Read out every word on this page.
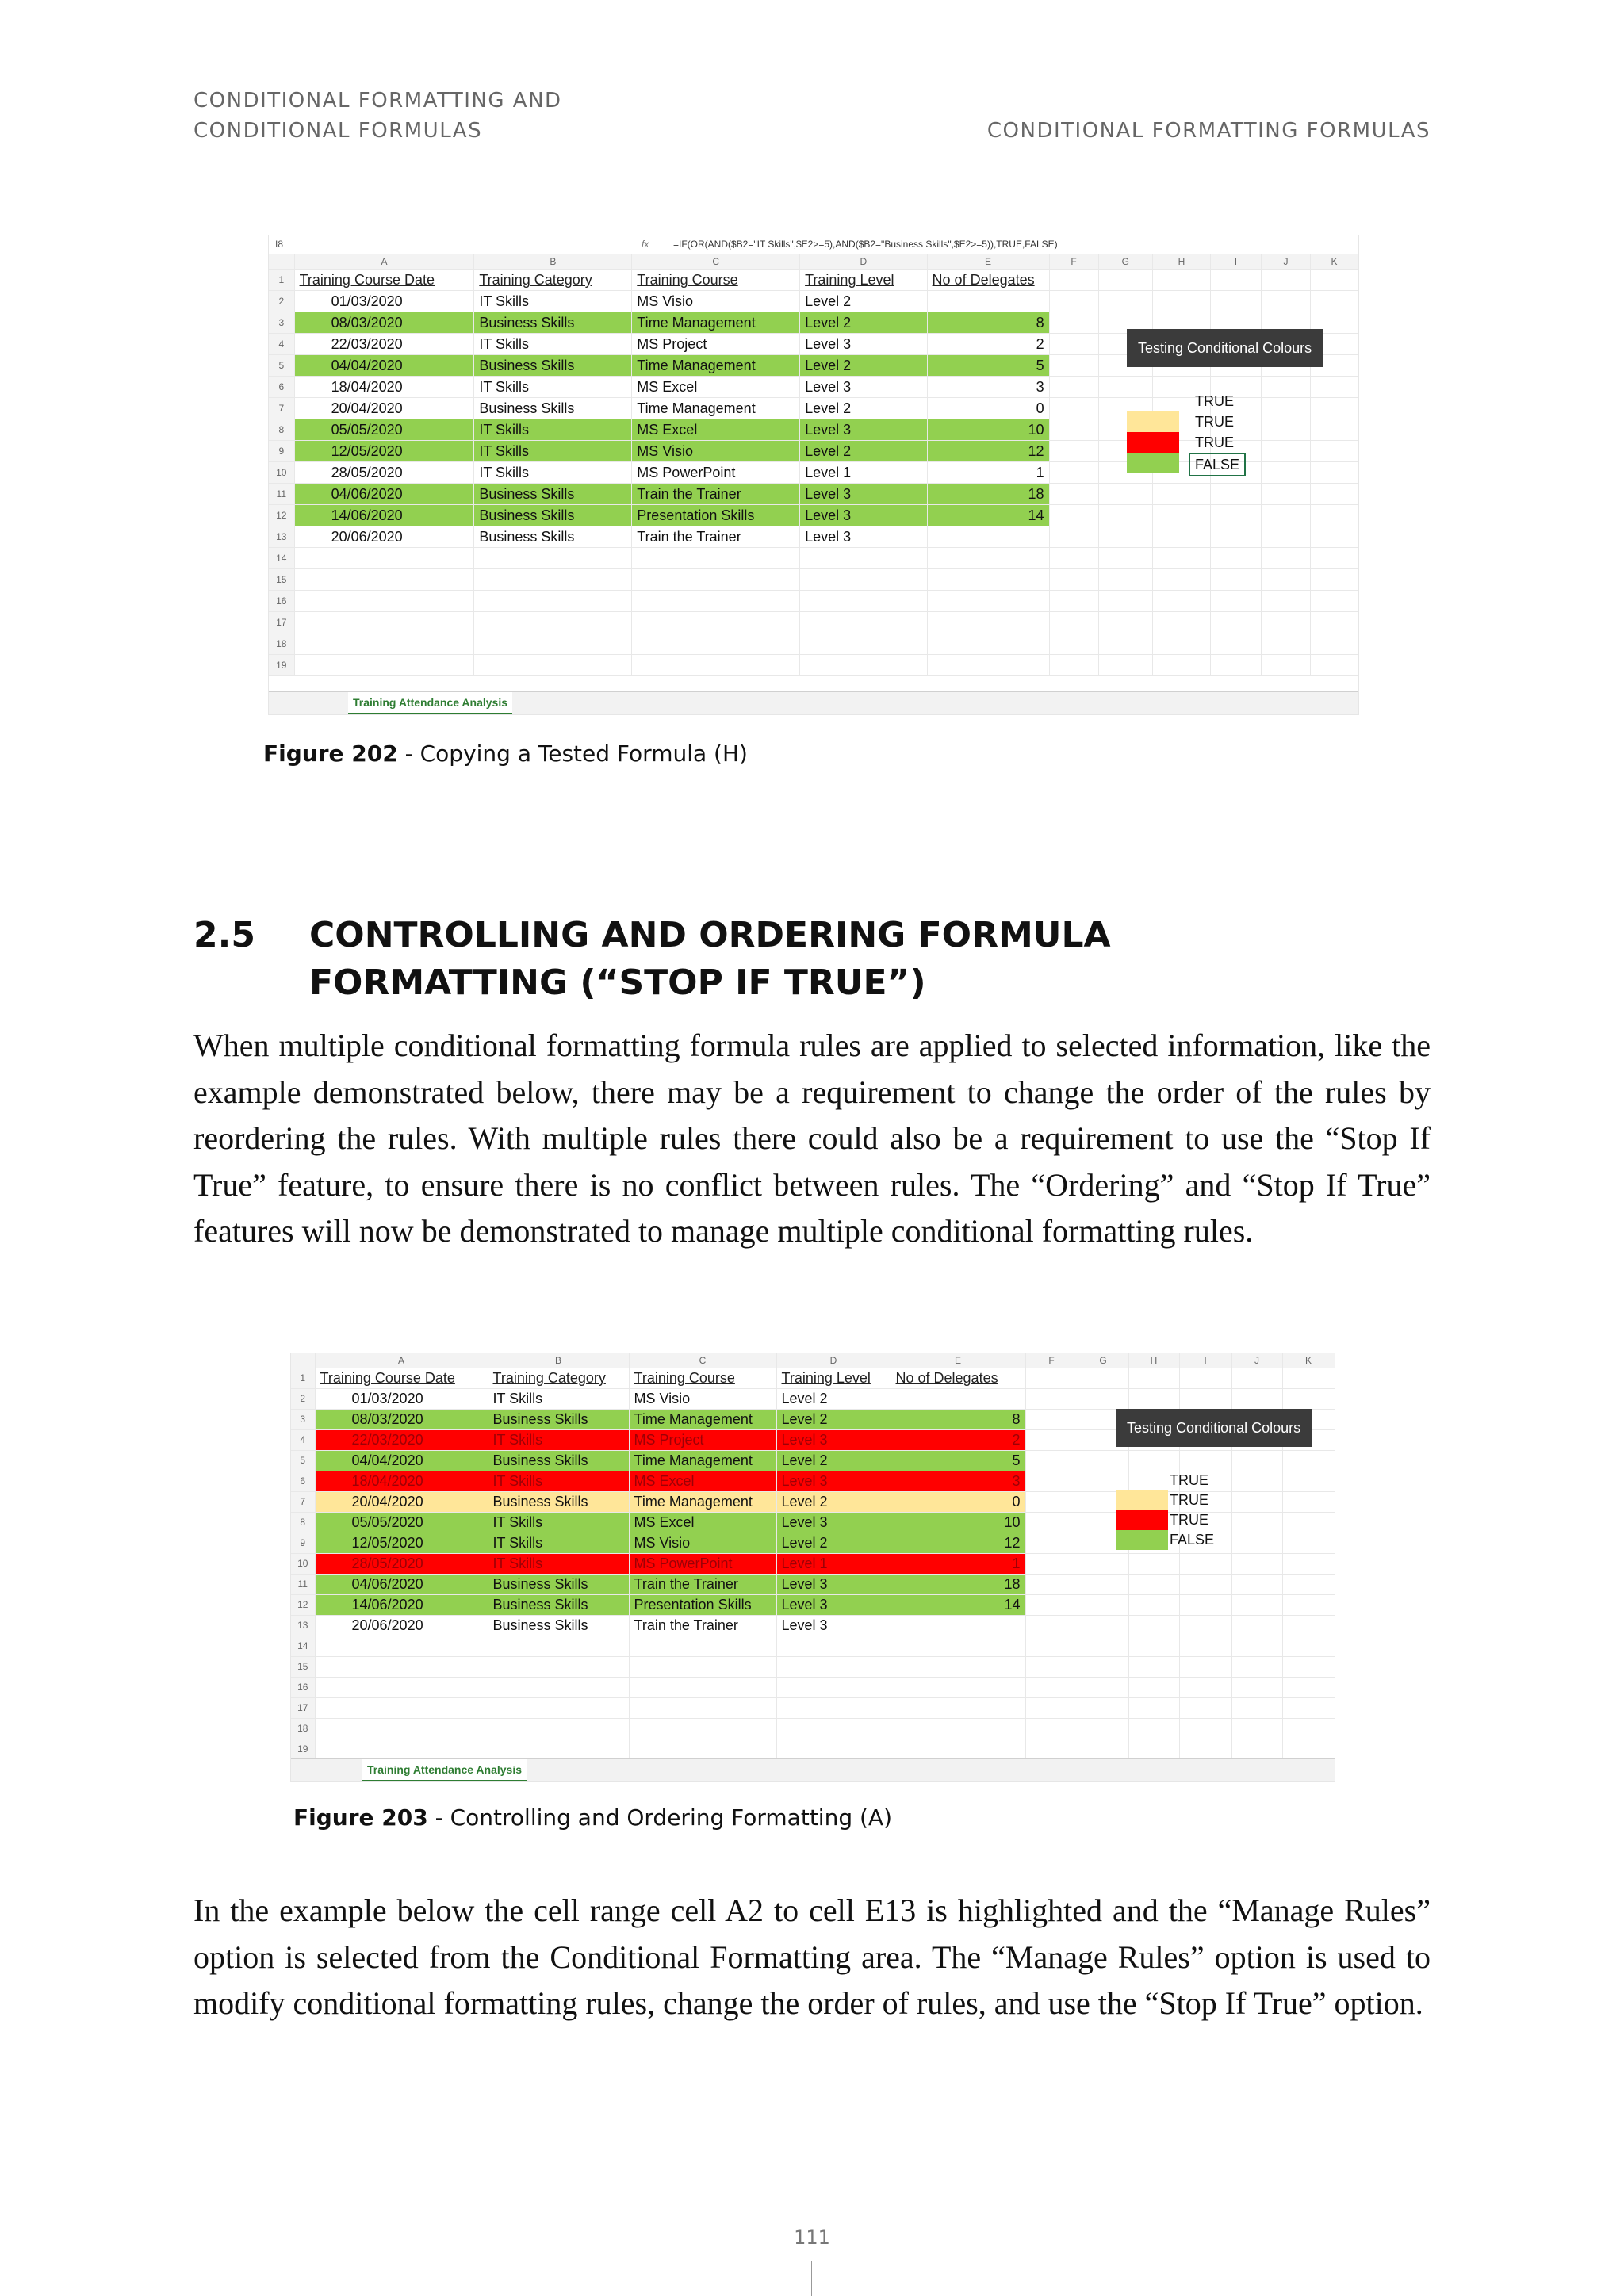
CONDITIONAL FORMATTING AND
CONDITIONAL FORMULAS	CONDITIONAL FORMATTING FORMULAS
I8	fx	=IF(OR(AND($B2="IT Skills",$E2>=5),AND($B2="Business Skills",$E2>=5)),TRUE,FALSE)
	A	B	C	D	E	F	G	H	I	J	K
1	Training Course Date	Training Category	Training Course	Training Level	No of Delegates						
2	01/03/2020	IT Skills	MS Visio	Level 2							
3	08/03/2020	Business Skills	Time Management	Level 2	8						
4	22/03/2020	IT Skills	MS Project	Level 3	2						
5	04/04/2020	Business Skills	Time Management	Level 2	5						
6	18/04/2020	IT Skills	MS Excel	Level 3	3						
7	20/04/2020	Business Skills	Time Management	Level 2	0						
8	05/05/2020	IT Skills	MS Excel	Level 3	10						
9	12/05/2020	IT Skills	MS Visio	Level 2	12						
10	28/05/2020	IT Skills	MS PowerPoint	Level 1	1						
11	04/06/2020	Business Skills	Train the Trainer	Level 3	18						
12	14/06/2020	Business Skills	Presentation Skills	Level 3	14						
13	20/06/2020	Business Skills	Train the Trainer	Level 3							
14											
15											
16											
17											
18											
19											
Testing Conditional Colours
Training Attendance Analysis
TRUE
TRUE
TRUE
FALSE
Figure 202 - Copying a Tested Formula (H)
2.5 CONTROLLING AND ORDERING FORMULA FORMATTING (“STOP IF TRUE”)
When multiple conditional formatting formula rules are applied to selected information, like the example demonstrated below, there may be a requirement to change the order of the rules by reordering the rules. With multiple rules there could also be a requirement to use the “Stop If True” feature, to ensure there is no conflict between rules. The “Ordering” and “Stop If True” features will now be demonstrated to manage multiple conditional formatting rules.
	A	B	C	D	E	F	G	H	I	J	K
1	Training Course Date	Training Category	Training Course	Training Level	No of Delegates						
2	01/03/2020	IT Skills	MS Visio	Level 2							
3	08/03/2020	Business Skills	Time Management	Level 2	8						
4	22/03/2020	IT Skills	MS Project	Level 3	2						
5	04/04/2020	Business Skills	Time Management	Level 2	5						
6	18/04/2020	IT Skills	MS Excel	Level 3	3						
7	20/04/2020	Business Skills	Time Management	Level 2	0						
8	05/05/2020	IT Skills	MS Excel	Level 3	10						
9	12/05/2020	IT Skills	MS Visio	Level 2	12						
10	28/05/2020	IT Skills	MS PowerPoint	Level 1	1						
11	04/06/2020	Business Skills	Train the Trainer	Level 3	18						
12	14/06/2020	Business Skills	Presentation Skills	Level 3	14						
13	20/06/2020	Business Skills	Train the Trainer	Level 3							
14											
15											
16											
17											
18											
19											
Testing Conditional Colours
Training Attendance Analysis
TRUE
TRUE
TRUE
FALSE
Figure 203 - Controlling and Ordering Formatting (A)
In the example below the cell range cell A2 to cell E13 is highlighted and the “Manage Rules” option is selected from the Conditional Formatting area. The “Manage Rules” option is used to modify conditional formatting rules, change the order of rules, and use the “Stop If True” option.
111
